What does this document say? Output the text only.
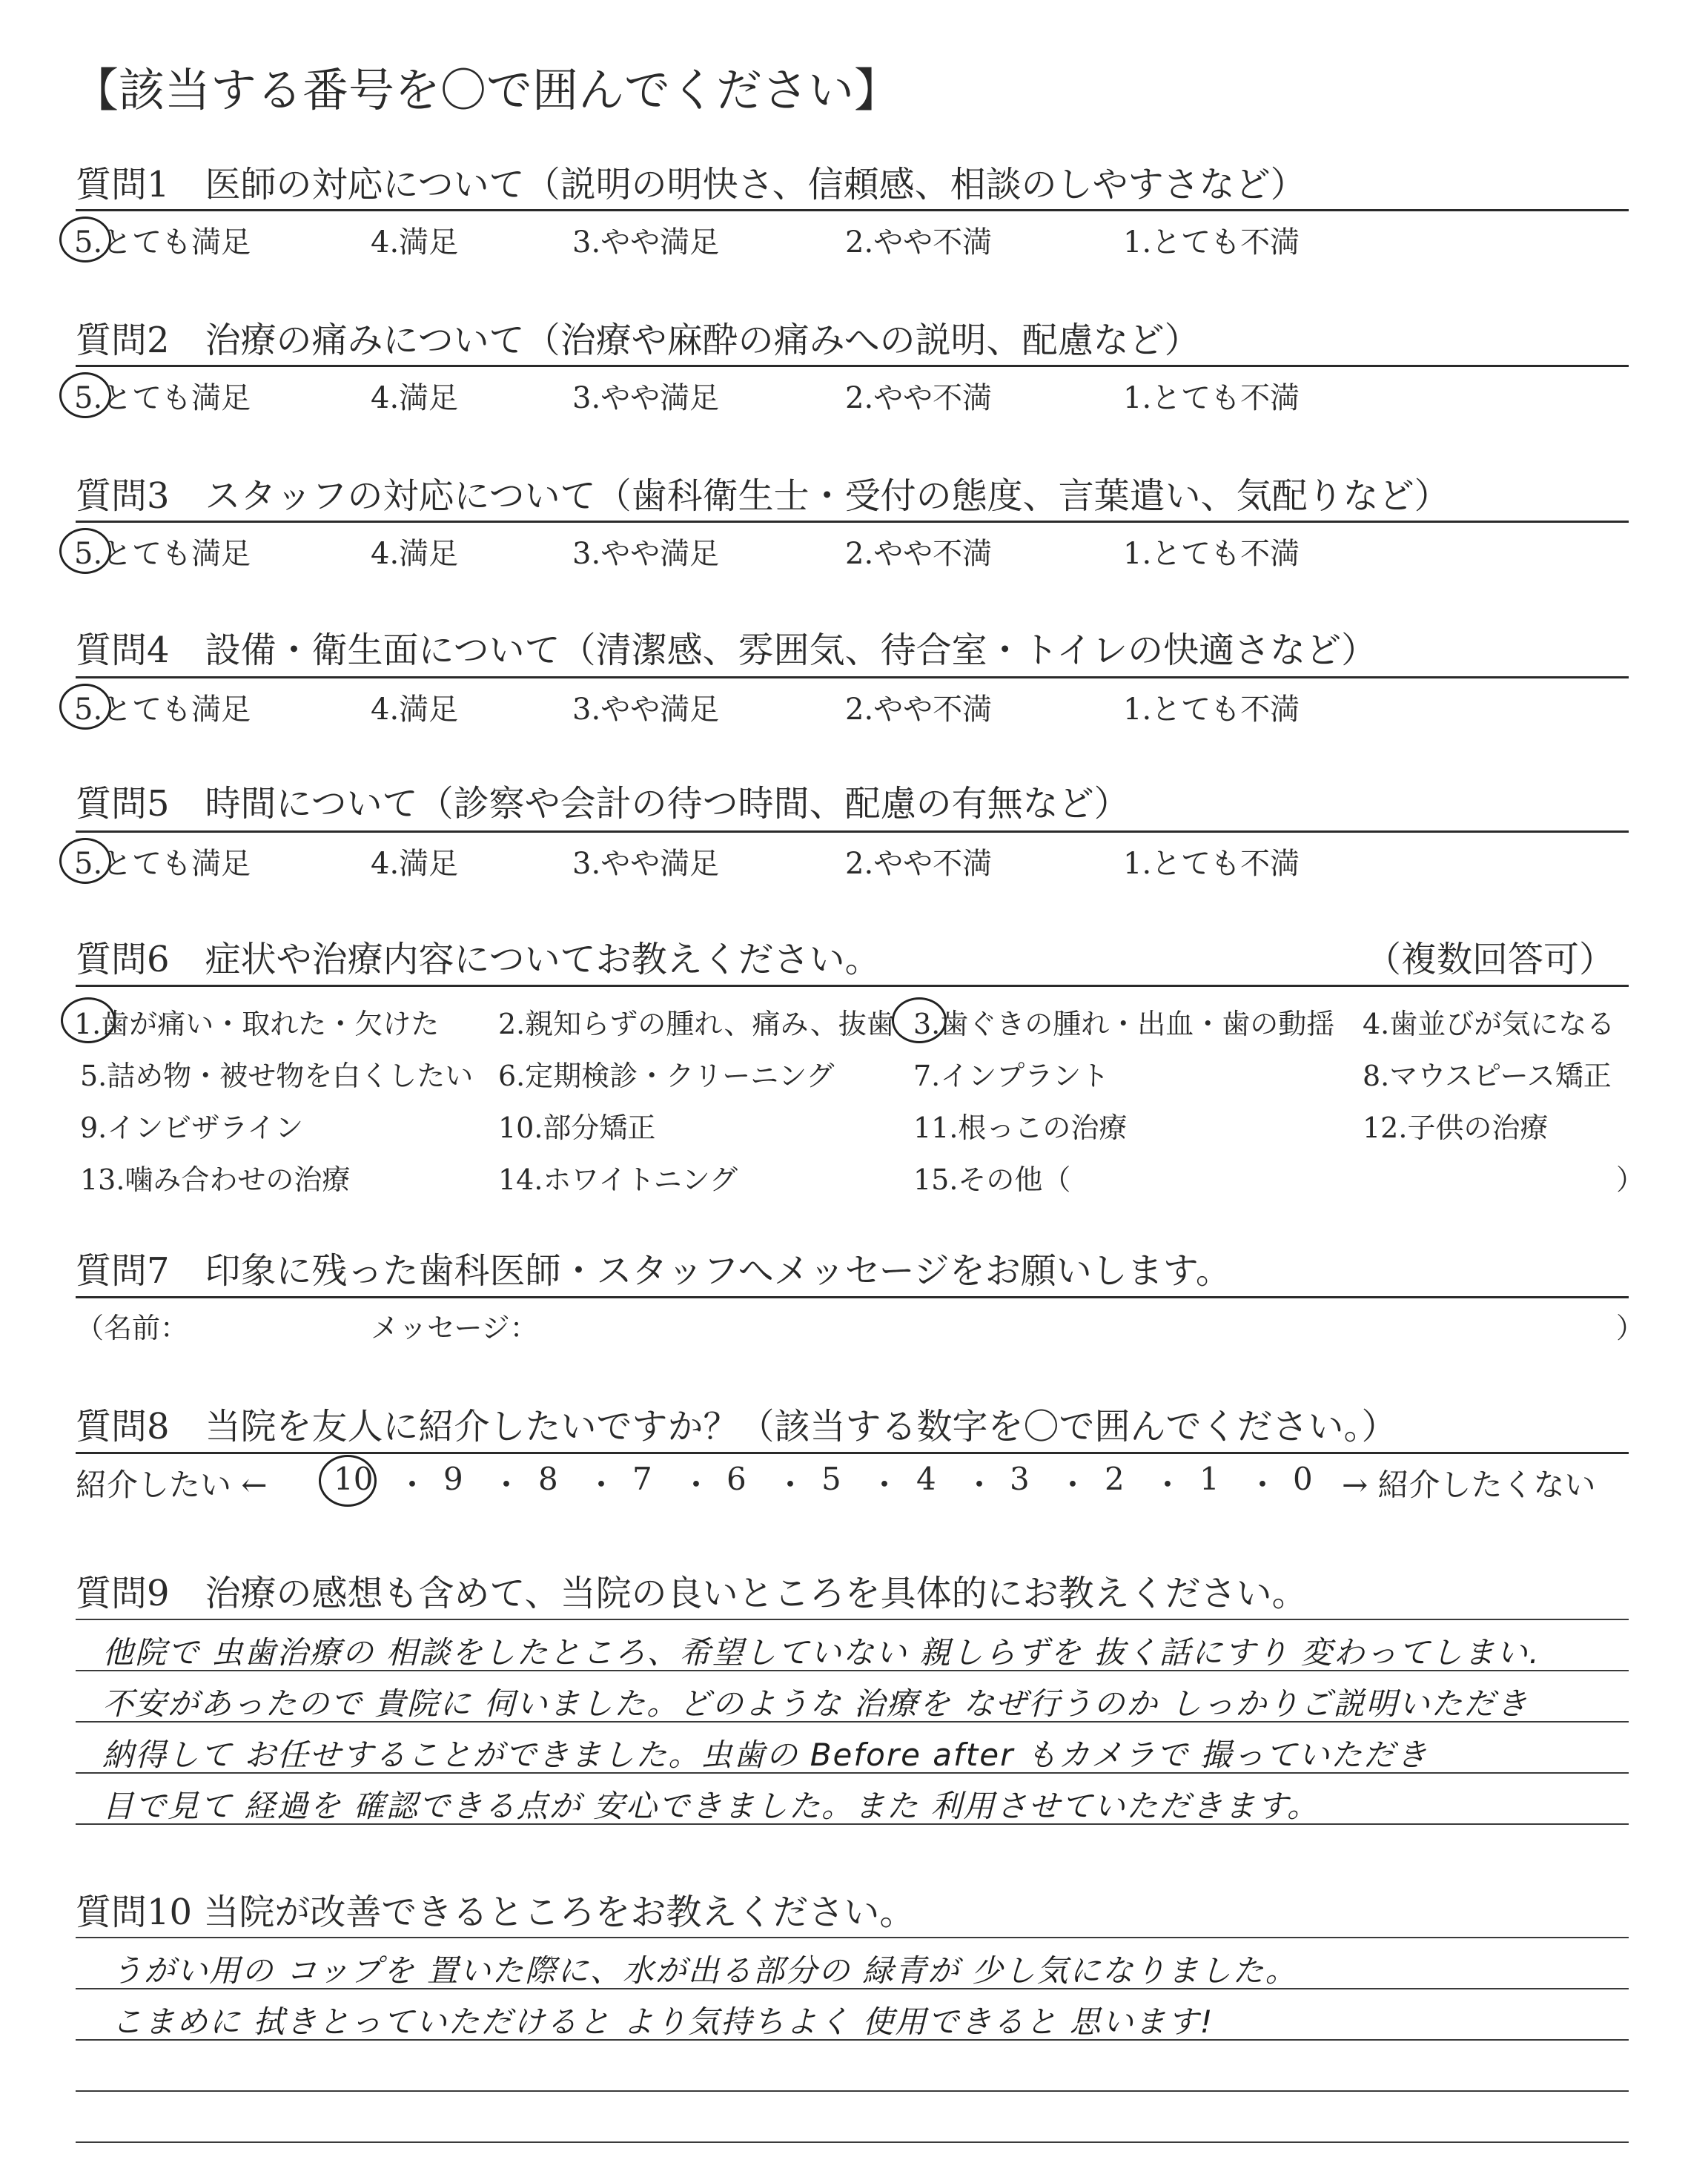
【該当する番号を〇で囲んでください】
質問1　医師の対応について（説明の明快さ、信頼感、相談のしやすさなど）
5.とても満足	4.満足	3.やや満足	2.やや不満	1.とても不満
質問2　治療の痛みについて（治療や麻酔の痛みへの説明、配慮など）
5.とても満足	4.満足	3.やや満足	2.やや不満	1.とても不満
質問3　スタッフの対応について（歯科衛生士・受付の態度、言葉遣い、気配りなど）
5.とても満足	4.満足	3.やや満足	2.やや不満	1.とても不満
質問4　設備・衛生面について（清潔感、雰囲気、待合室・トイレの快適さなど）
5.とても満足	4.満足	3.やや満足	2.やや不満	1.とても不満
質問5　時間について（診察や会計の待つ時間、配慮の有無など）
5.とても満足	4.満足	3.やや満足	2.やや不満	1.とても不満
質問6　症状や治療内容についてお教えください。	（複数回答可）
1.歯が痛い・取れた・欠けた 2.親知らずの腫れ、痛み、抜歯 3.歯ぐきの腫れ・出血・歯の動揺 4.歯並びが気になる
5.詰め物・被せ物を白くしたい 6.定期検診・クリーニング	7.インプラント	8.マウスピース矯正
9.インビザライン	10.部分矯正	11.根っこの治療	12.子供の治療
13.噛み合わせの治療	14.ホワイトニング	15.その他（	）
質問7　印象に残った歯科医師・スタッフへメッセージをお願いします。
（名前：	メッセージ：	）
質問8　当院を友人に紹介したいですか？（該当する数字を〇で囲んでください。）
紹介したい ← 10 ・ 9 ・ 8 ・ 7 ・ 6 ・ 5 ・ 4 ・ 3 ・ 2 ・ 1 ・ 0 → 紹介したくない
質問9　治療の感想も含めて、当院の良いところを具体的にお教えください。
他院で 虫歯治療の 相談をしたところ、希望していない 親しらずを 抜く話にすり 変わってしまい.
不安があったので 貴院に 伺いました。どのような 治療を なぜ行うのか しっかりご説明いただき
納得して お任せすることができました。虫歯の Before after もカメラで 撮っていただき
目で見て 経過を 確認できる点が 安心できました。また 利用させていただきます。
質問10 当院が改善できるところをお教えください。
うがい用の コップを 置いた際に、水が出る部分の 緑青が 少し気になりました。
こまめに 拭きとっていただけると より気持ちよく 使用できると 思います!
